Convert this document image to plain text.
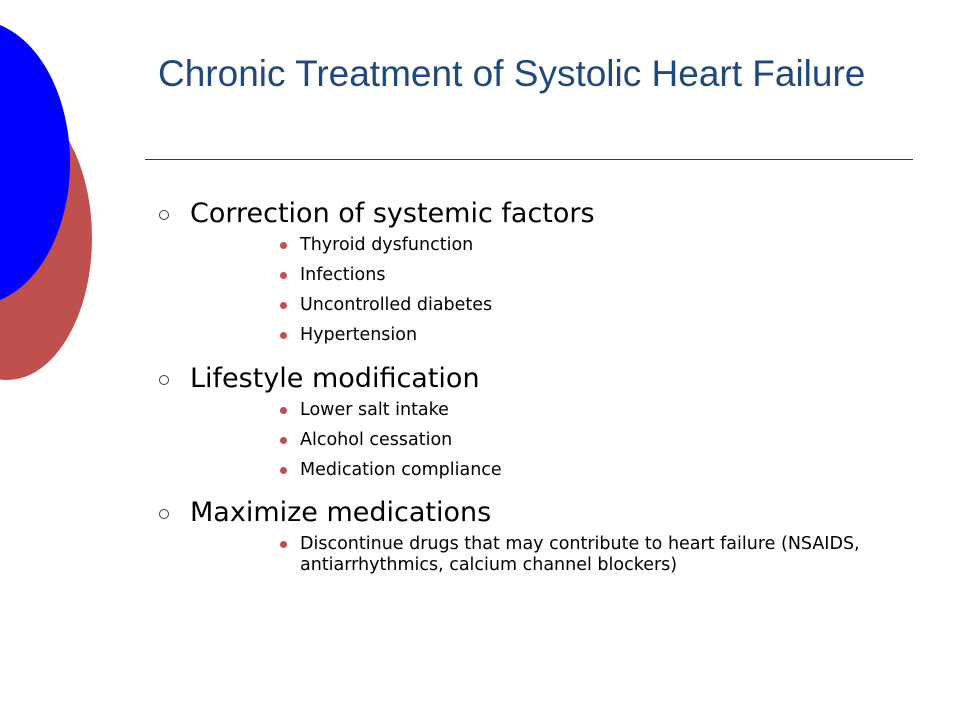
Chronic Treatment of Systolic Heart Failure
Correction of systemic factors
Thyroid dysfunction
Infections
Uncontrolled diabetes
Hypertension
Lifestyle modification
Lower salt intake
Alcohol cessation
Medication compliance
Maximize medications
Discontinue drugs that may contribute to heart failure (NSAIDS, antiarrhythmics, calcium channel blockers)
